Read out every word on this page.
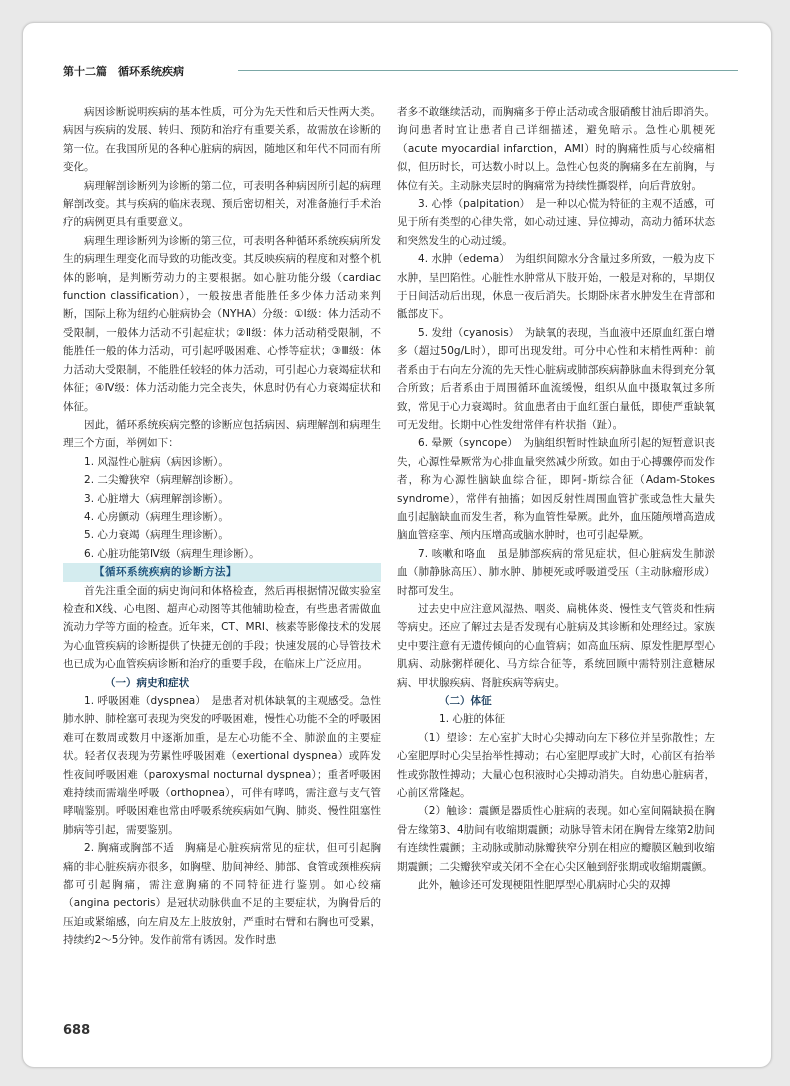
第十二篇　循环系统疾病

病因诊断说明疾病的基本性质，可分为先天性和后天性两大类。病因与疾病的发展、转归、预防和治疗有重要关系，故需放在诊断的第一位。在我国所见的各种心脏病的病因，随地区和年代不同而有所变化。

病理解剖诊断列为诊断的第二位，可表明各种病因所引起的病理解剖改变。其与疾病的临床表现、预后密切相关，对准备施行手术治疗的病例更具有重要意义。

病理生理诊断列为诊断的第三位，可表明各种循环系统疾病所发生的病理生理变化而导致的功能改变。其反映疾病的程度和对整个机体的影响，是判断劳动力的主要根据。如心脏功能分级（cardiac function classification），一般按患者能胜任多少体力活动来判断，国际上称为纽约心脏病协会（NYHA）分级：①Ⅰ级：体力活动不受限制，一般体力活动不引起症状；②Ⅱ级：体力活动稍受限制，不能胜任一般的体力活动，可引起呼吸困难、心悸等症状；③Ⅲ级：体力活动大受限制，不能胜任较轻的体力活动，可引起心力衰竭症状和体征；④Ⅳ级：体力活动能力完全丧失，休息时仍有心力衰竭症状和体征。

因此，循环系统疾病完整的诊断应包括病因、病理解剖和病理生理三个方面，举例如下：

1. 风湿性心脏病（病因诊断）。

2. 二尖瓣狭窄（病理解剖诊断）。

3. 心脏增大（病理解剖诊断）。

4. 心房颤动（病理生理诊断）。

5. 心力衰竭（病理生理诊断）。

6. 心脏功能第Ⅳ级（病理生理诊断）。

【循环系统疾病的诊断方法】

首先注重全面的病史询问和体格检查，然后再根据情况做实验室检查和X线、心电图、超声心动图等其他辅助检查，有些患者需做血流动力学等方面的检查。近年来，CT、MRI、核素等影像技术的发展为心血管疾病的诊断提供了快捷无创的手段；快速发展的心导管技术也已成为心血管疾病诊断和治疗的重要手段，在临床上广泛应用。

（一）病史和症状

1. 呼吸困难（dyspnea）　是患者对机体缺氧的主观感受。急性肺水肿、肺栓塞可表现为突发的呼吸困难，慢性心功能不全的呼吸困难可在数周或数月中逐渐加重，是左心功能不全、肺淤血的主要症状。轻者仅表现为劳累性呼吸困难（exertional dyspnea）或阵发性夜间呼吸困难（paroxysmal nocturnal dyspnea）；重者呼吸困难持续而需端坐呼吸（orthopnea），可伴有哮鸣，需注意与支气管哮喘鉴别。呼吸困难也常由呼吸系统疾病如气胸、肺炎、慢性阻塞性肺病等引起，需要鉴别。

2. 胸痛或胸部不适　胸痛是心脏疾病常见的症状，但可引起胸痛的非心脏疾病亦很多，如胸壁、肋间神经、肺部、食管或颈椎疾病都可引起胸痛，需注意胸痛的不同特征进行鉴别。如心绞痛（angina pectoris）是冠状动脉供血不足的主要症状，为胸骨后的压迫或紧缩感，向左肩及左上肢放射，严重时右臂和右胸也可受累，持续约2～5分钟。发作前常有诱因。发作时患

者多不敢继续活动，而胸痛多于停止活动或含服硝酸甘油后即消失。询问患者时宜让患者自己详细描述，避免暗示。急性心肌梗死（acute myocardial infarction，AMI）时的胸痛性质与心绞痛相似，但历时长，可达数小时以上。急性心包炎的胸痛多在左前胸，与体位有关。主动脉夹层时的胸痛常为持续性撕裂样，向后背放射。

3. 心悸（palpitation）　是一种以心慌为特征的主观不适感，可见于所有类型的心律失常，如心动过速、异位搏动，高动力循环状态和突然发生的心动过缓。

4. 水肿（edema）　为组织间隙水分含量过多所致，一般为皮下水肿，呈凹陷性。心脏性水肿常从下肢开始，一般是对称的，早期仅于日间活动后出现，休息一夜后消失。长期卧床者水肿发生在背部和骶部皮下。

5. 发绀（cyanosis）　为缺氧的表现，当血液中还原血红蛋白增多（超过50g/L时），即可出现发绀。可分中心性和末梢性两种：前者系由于右向左分流的先天性心脏病或肺部疾病静脉血未得到充分氧合所致；后者系由于周围循环血流缓慢，组织从血中摄取氧过多所致，常见于心力衰竭时。贫血患者由于血红蛋白量低，即使严重缺氧可无发绀。长期中心性发绀常伴有杵状指（趾）。

6. 晕厥（syncope）　为脑组织暂时性缺血所引起的短暂意识丧失，心源性晕厥常为心排血量突然减少所致。如由于心搏骤停而发作者，称为心源性脑缺血综合征，即阿-斯综合征（Adam-Stokes syndrome），常伴有抽搐；如因反射性周围血管扩张或急性大量失血引起脑缺血而发生者，称为血管性晕厥。此外，血压随颅增高造成脑血管痉挛、颅内压增高或脑水肿时，也可引起晕厥。

7. 咳嗽和咯血　虽是肺部疾病的常见症状，但心脏病发生肺淤血（肺静脉高压）、肺水肿、肺梗死或呼吸道受压（主动脉瘤形成）时都可发生。

过去史中应注意风湿热、咽炎、扁桃体炎、慢性支气管炎和性病等病史。还应了解过去是否发现有心脏病及其诊断和处理经过。家族史中要注意有无遗传倾向的心血管病；如高血压病、原发性肥厚型心肌病、动脉粥样硬化、马方综合征等，系统回顾中需特别注意糖尿病、甲状腺疾病、肾脏疾病等病史。

（二）体征

1. 心脏的体征

（1）望诊：左心室扩大时心尖搏动向左下移位并呈弥散性；左心室肥厚时心尖呈抬举性搏动；右心室肥厚或扩大时，心前区有抬举性或弥散性搏动；大量心包积液时心尖搏动消失。自幼患心脏病者，心前区常隆起。

（2）触诊：震颤是器质性心脏病的表现。如心室间隔缺损在胸骨左缘第3、4肋间有收缩期震颤；动脉导管未闭在胸骨左缘第2肋间有连续性震颤；主动脉或肺动脉瓣狭窄分别在相应的瓣膜区触到收缩期震颤；二尖瓣狭窄或关闭不全在心尖区触到舒张期或收缩期震颤。

此外，触诊还可发现梗阻性肥厚型心肌病时心尖的双搏

688
